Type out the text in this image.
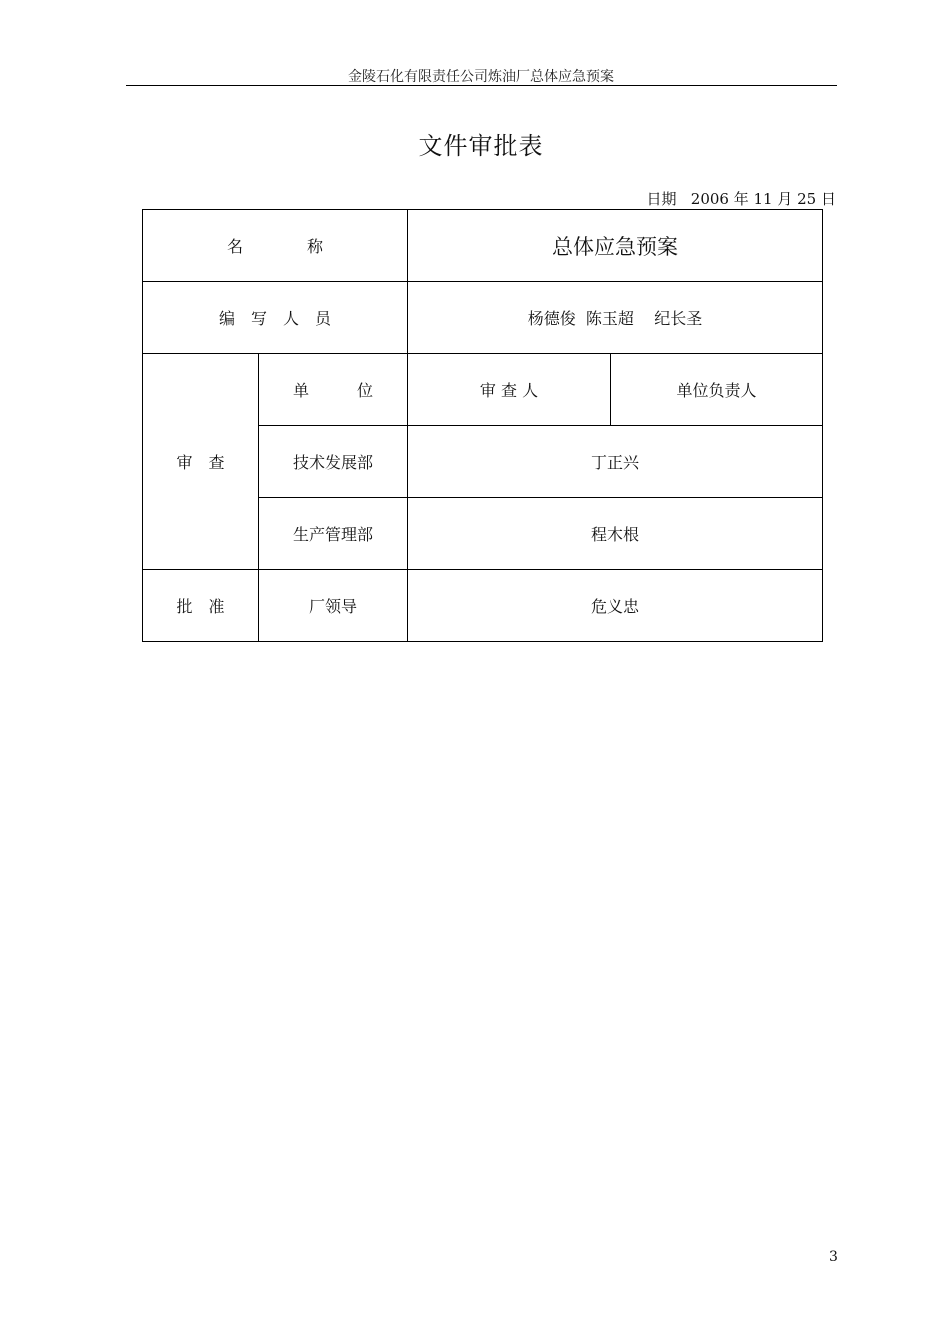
金陵石化有限责任公司炼油厂总体应急预案
文件审批表
日期   2006 年 11 月 25 日
名　　　　称		总体应急预案	
编　写　人　员		杨德俊  陈玉超    纪长圣	
审　查	单　　　位	审 查 人	单位负责人
	技术发展部	丁正兴	
	生产管理部	程木根	
批　准	厂领导	危义忠	
3
